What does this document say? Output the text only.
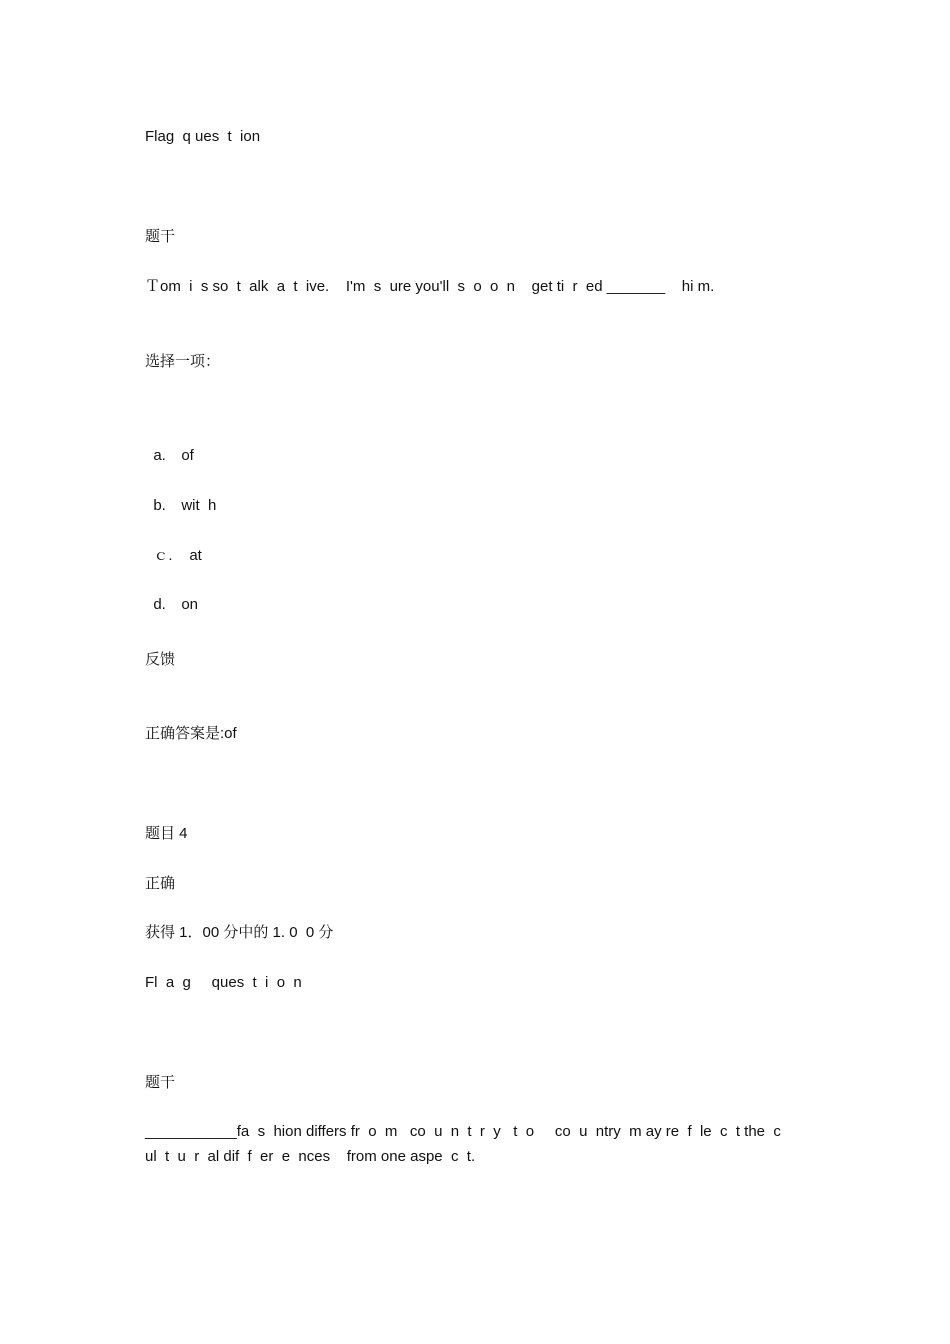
Flag  q ues  t  ion
题干
Ｔom  i  s so  t  alk  a  t  ive.    I'm  s  ure you'll  s  o  o  n    get ti  r  ed _______    hi m.
选择一项：

a. of

b. wit  h

ｃ. at

d. on

反馈
正确答案是:of
题目 4
正确
获得 1．00 分中的 1. 0  0 分
Fl  a  g     ques  t  i  o  n
题干
___________fa  s  hion differs fr  o  m   co  u  n  t  r  y   t  o     co  u  ntry  m ay re  f  le  c  t the  c
ul  t  u  r  al dif  f  er  e  nces    from one aspe  c  t.
